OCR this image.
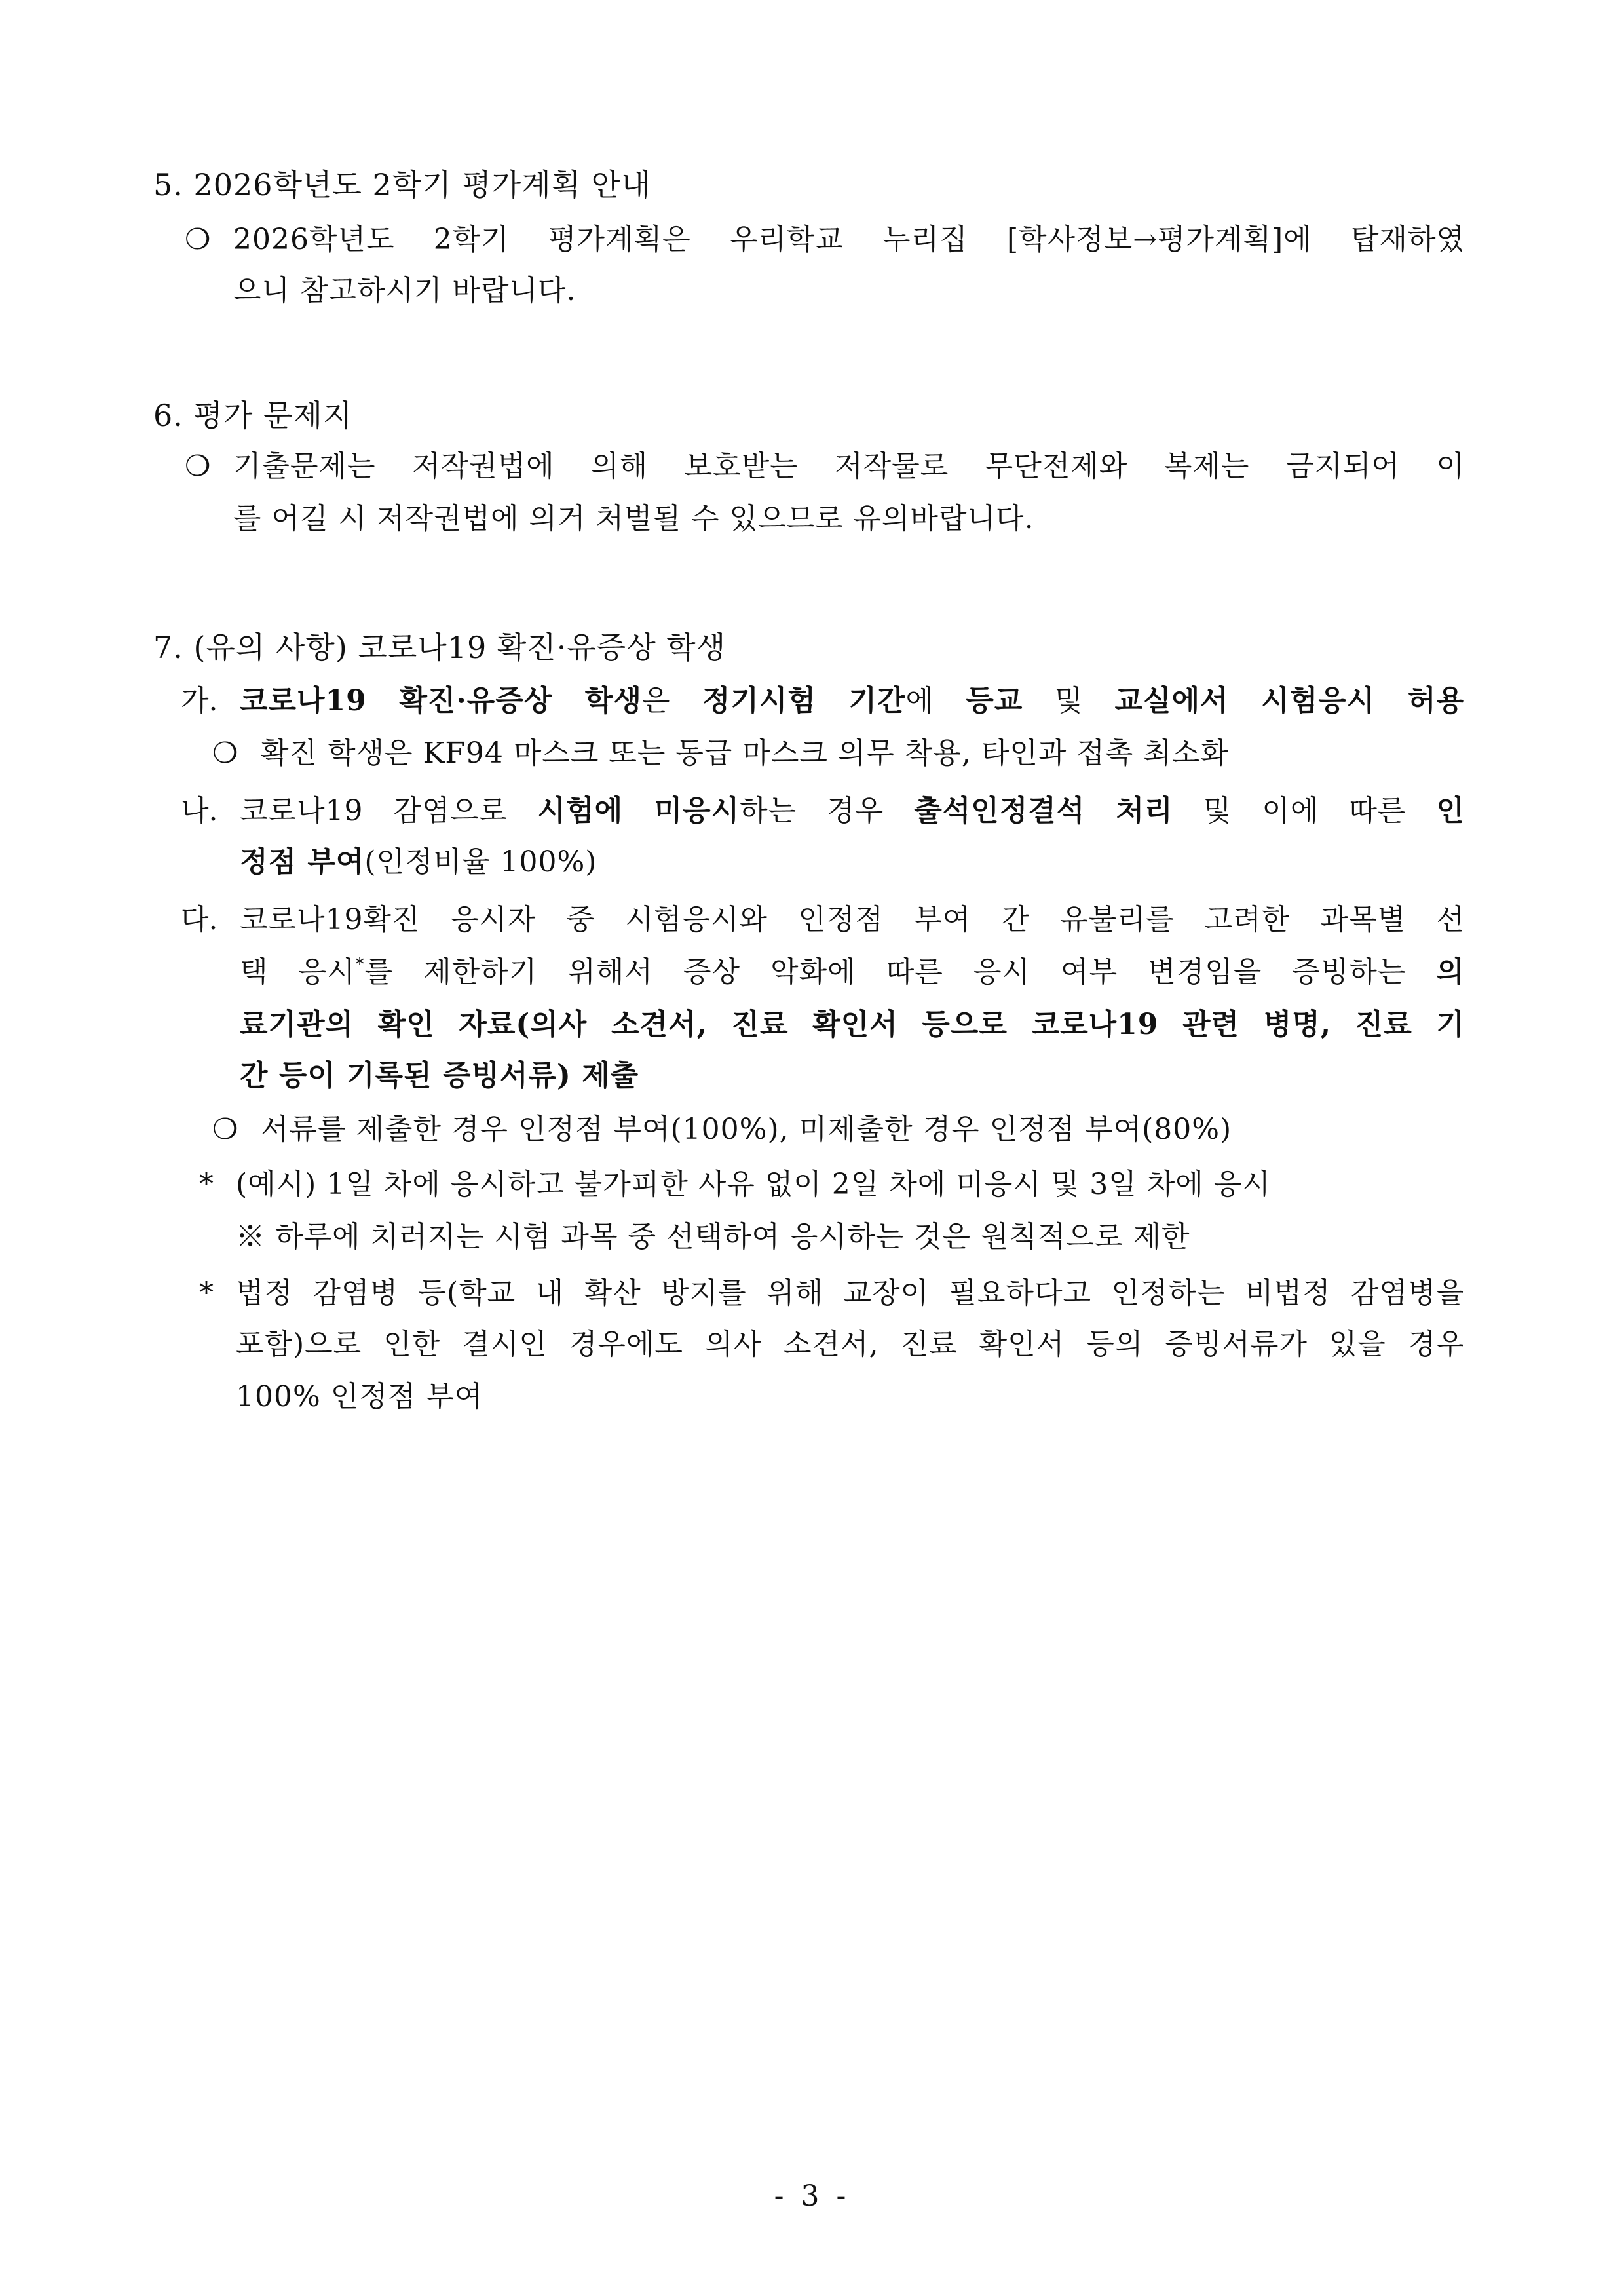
5. 2026학년도 2학기 평가계획 안내
❍ 2026학년도 2학기 평가계획은 우리학교 누리집 [학사정보→평가계획]에 탑재하였
으니 참고하시기 바랍니다.
6. 평가 문제지
❍ 기출문제는 저작권법에 의해 보호받는 저작물로 무단전제와 복제는 금지되어 이
를 어길 시 저작권법에 의거 처벌될 수 있으므로 유의바랍니다.
7. (유의 사항) 코로나19 확진·유증상 학생
가. 코로나19 확진·유증상 학생은 정기시험 기간에 등교 및 교실에서 시험응시 허용
❍ 확진 학생은 KF94 마스크 또는 동급 마스크 의무 착용, 타인과 접촉 최소화
나. 코로나19 감염으로 시험에 미응시하는 경우 출석인정결석 처리 및 이에 따른 인
정점 부여(인정비율 100%)
다. 코로나19확진 응시자 중 시험응시와 인정점 부여 간 유불리를 고려한 과목별 선
택 응시*를 제한하기 위해서 증상 악화에 따른 응시 여부 변경임을 증빙하는 의
료기관의 확인 자료(의사 소견서, 진료 확인서 등으로 코로나19 관련 병명, 진료 기
간 등이 기록된 증빙서류) 제출
❍ 서류를 제출한 경우 인정점 부여(100%), 미제출한 경우 인정점 부여(80%)
* (예시) 1일 차에 응시하고 불가피한 사유 없이 2일 차에 미응시 및 3일 차에 응시
※ 하루에 치러지는 시험 과목 중 선택하여 응시하는 것은 원칙적으로 제한
* 법정 감염병 등(학교 내 확산 방지를 위해 교장이 필요하다고 인정하는 비법정 감염병을
포함)으로 인한 결시인 경우에도 의사 소견서, 진료 확인서 등의 증빙서류가 있을 경우
100% 인정점 부여
- 3 -
